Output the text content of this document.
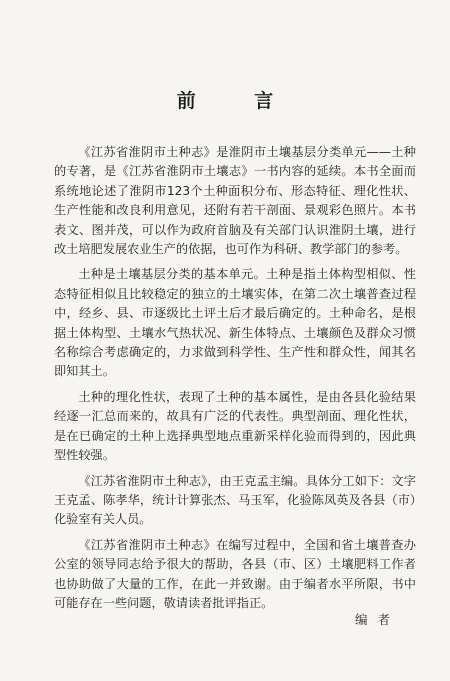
前 言

《江苏省淮阴市土种志》是淮阴市土壤基层分类单元——土种的专著，是《江苏省淮阴市土壤志》一书内容的延续。本书全面而系统地论述了淮阴市123个土种面积分布、形态特征、理化性状、生产性能和改良利用意见，还附有若干剖面、景观彩色照片。本书表文、图并茂，可以作为政府首脑及有关部门认识淮阴土壤，进行改土培肥发展农业生产的依据，也可作为科研、教学部门的参考。

土种是土壤基层分类的基本单元。土种是指土体构型相似、性态特征相似且比较稳定的独立的土壤实体，在第二次土壤普查过程中，经乡、县、市逐级比土评土后才最后确定的。土种命名，是根据土体构型、土壤水气热状况、新生体特点、土壤颜色及群众习惯名称综合考虑确定的，力求做到科学性、生产性和群众性，闻其名即知其土。

土种的理化性状，表现了土种的基本属性，是由各县化验结果经逐一汇总而来的，故具有广泛的代表性。典型剖面、理化性状，是在已确定的土种上选择典型地点重新采样化验而得到的，因此典型性较强。

《江苏省淮阴市土种志》，由王克孟主编。具体分工如下：文字王克孟、陈孝华，统计计算张杰、马玉军，化验陈凤英及各县（市）化验室有关人员。

《江苏省淮阴市土种志》在编写过程中，全国和省土壤普查办公室的领导同志给予很大的帮助，各县（市、区）土壤肥料工作者也协助做了大量的工作，在此一并致谢。由于编者水平所限，书中可能存在一些问题，敬请读者批评指正。

编者
